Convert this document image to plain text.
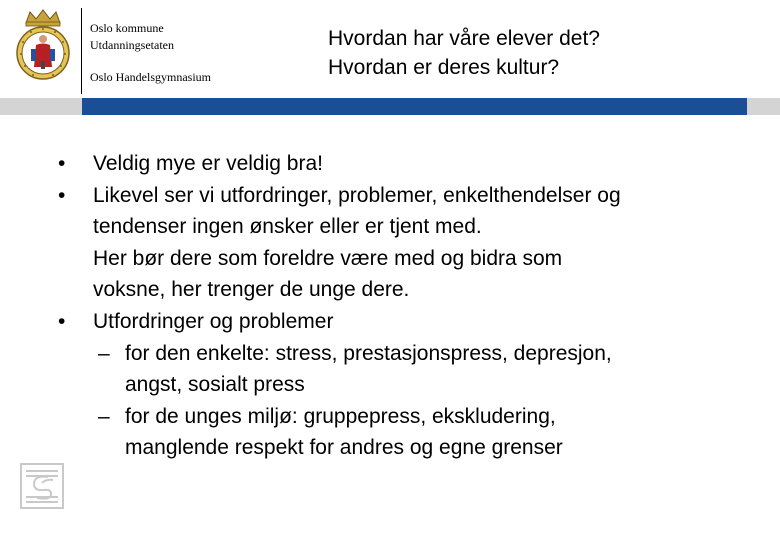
Oslo kommune
Utdanningsetaten
Oslo Handelsgymnasium
Hvordan har våre elever det?
Hvordan er deres kultur?
• Veldig mye er veldig bra!
• Likevel ser vi utfordringer, problemer, enkelthendelser og
tendenser ingen ønsker eller er tjent med.
Her bør dere som foreldre være med og bidra som
voksne, her trenger de unge dere.
• Utfordringer og problemer
– for den enkelte: stress, prestasjonspress, depresjon,
angst, sosialt press
– for de unges miljø: gruppepress, ekskludering,
manglende respekt for andres og egne grenser
